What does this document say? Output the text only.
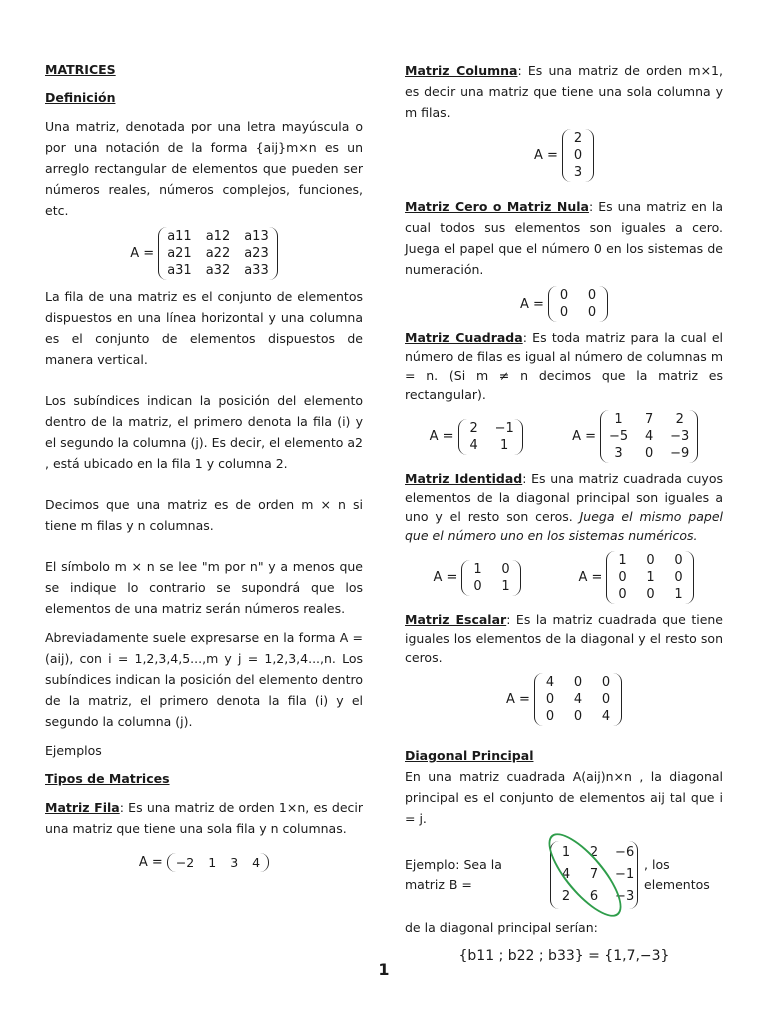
MATRICES

Definición

Una matriz, denotada por una letra mayúscula o por una notación de la forma {aij}m×n es un arreglo rectangular de elementos que pueden ser números reales, números complejos, funciones, etc.

A =
a11 a12 a13
a21 a22 a23
a31 a32 a33

La fila de una matriz es el conjunto de elementos dispuestos en una línea horizontal y una columna es el conjunto de elementos dispuestos de manera vertical.

Los subíndices indican la posición del elemento dentro de la matriz, el primero denota la fila (i) y el segundo la columna (j). Es decir, el elemento a2 , está ubicado en la fila 1 y columna 2.

Decimos que una matriz es de orden m × n si tiene m filas y n columnas.

El símbolo m × n se lee "m por n" y a menos que se indique lo contrario se supondrá que los elementos de una matriz serán números reales.

Abreviadamente suele expresarse en la forma A = (aij), con i = 1,2,3,4,5...,m y j = 1,2,3,4...,n. Los subíndices indican la posición del elemento dentro de la matriz, el primero denota la fila (i) y el segundo la columna (j).

Ejemplos

Tipos de Matrices

Matriz Fila: Es una matriz de orden 1×n, es decir una matriz que tiene una sola fila y n columnas.

A = −2 1 3 4

Matriz Columna: Es una matriz de orden m×1, es decir una matriz que tiene una sola columna y m filas.

A =
2
0
3

Matriz Cero o Matriz Nula: Es una matriz en la cual todos sus elementos son iguales a cero. Juega el papel que el número 0 en los sistemas de numeración.

A =
0 0
0 0

Matriz Cuadrada: Es toda matriz para la cual el número de filas es igual al número de columnas m = n. (Si m ≠ n decimos que la matriz es rectangular).

A =
2 −1
4	1
A =
1	7	2
−5 4 −3
3	0 −9

Matriz Identidad: Es una matriz cuadrada cuyos elementos de la diagonal principal son iguales a uno y el resto son ceros. Juega el mismo papel que el número uno en los sistemas numéricos.

A =
1 0
0 1
A =
1 0 0
0 1 0
0 0 1

Matriz Escalar: Es la matriz cuadrada que tiene iguales los elementos de la diagonal y el resto son ceros.

A =
4 0 0
0 4 0
0 0 4

Diagonal Principal

En una matriz cuadrada A(aij)n×n , la diagonal principal es el conjunto de elementos aij tal que i = j.

Ejemplo: Sea la matriz B =
1 2 −6
4 7 −1
2 6 −3
, los elementos

de la diagonal principal serían:

{b11 ; b22 ; b33} = {1,7,−3}

1
